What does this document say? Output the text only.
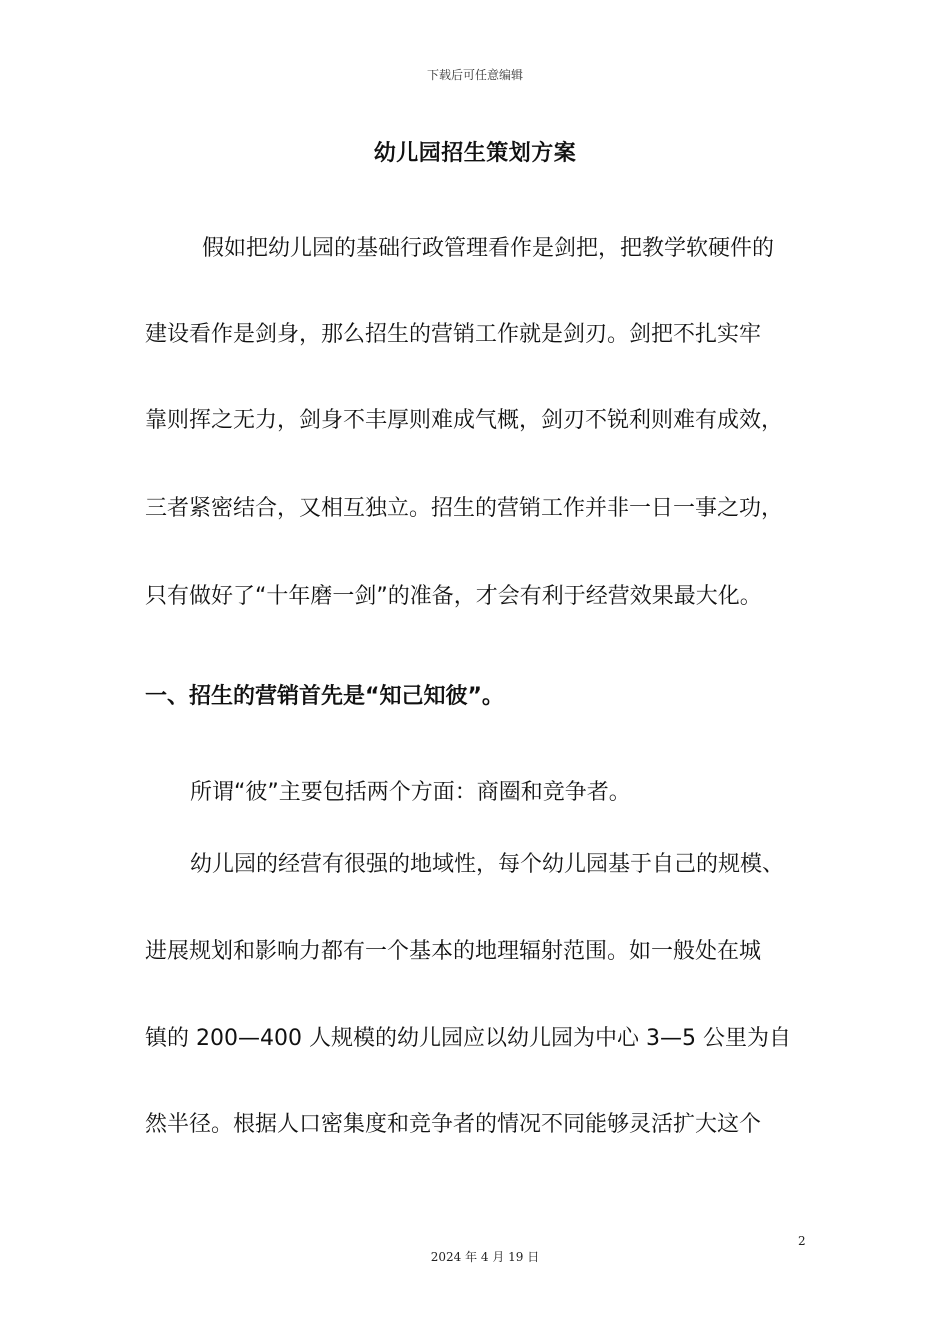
下载后可任意编辑
幼儿园招生策划方案
假如把幼儿园的基础行政管理看作是剑把，把教学软硬件的
建设看作是剑身，那么招生的营销工作就是剑刃。剑把不扎实牢
靠则挥之无力，剑身不丰厚则难成气概，剑刃不锐利则难有成效，
三者紧密结合，又相互独立。招生的营销工作并非一日一事之功，
只有做好了“十年磨一剑”的准备，才会有利于经营效果最大化。
一、招生的营销首先是“知己知彼”。
所谓“彼”主要包括两个方面：商圈和竞争者。
幼儿园的经营有很强的地域性，每个幼儿园基于自己的规模、
进展规划和影响力都有一个基本的地理辐射范围。如一般处在城
镇的 200—400 人规模的幼儿园应以幼儿园为中心 3—5 公里为自
然半径。根据人口密集度和竞争者的情况不同能够灵活扩大这个
2
2024 年 4 月 19 日
